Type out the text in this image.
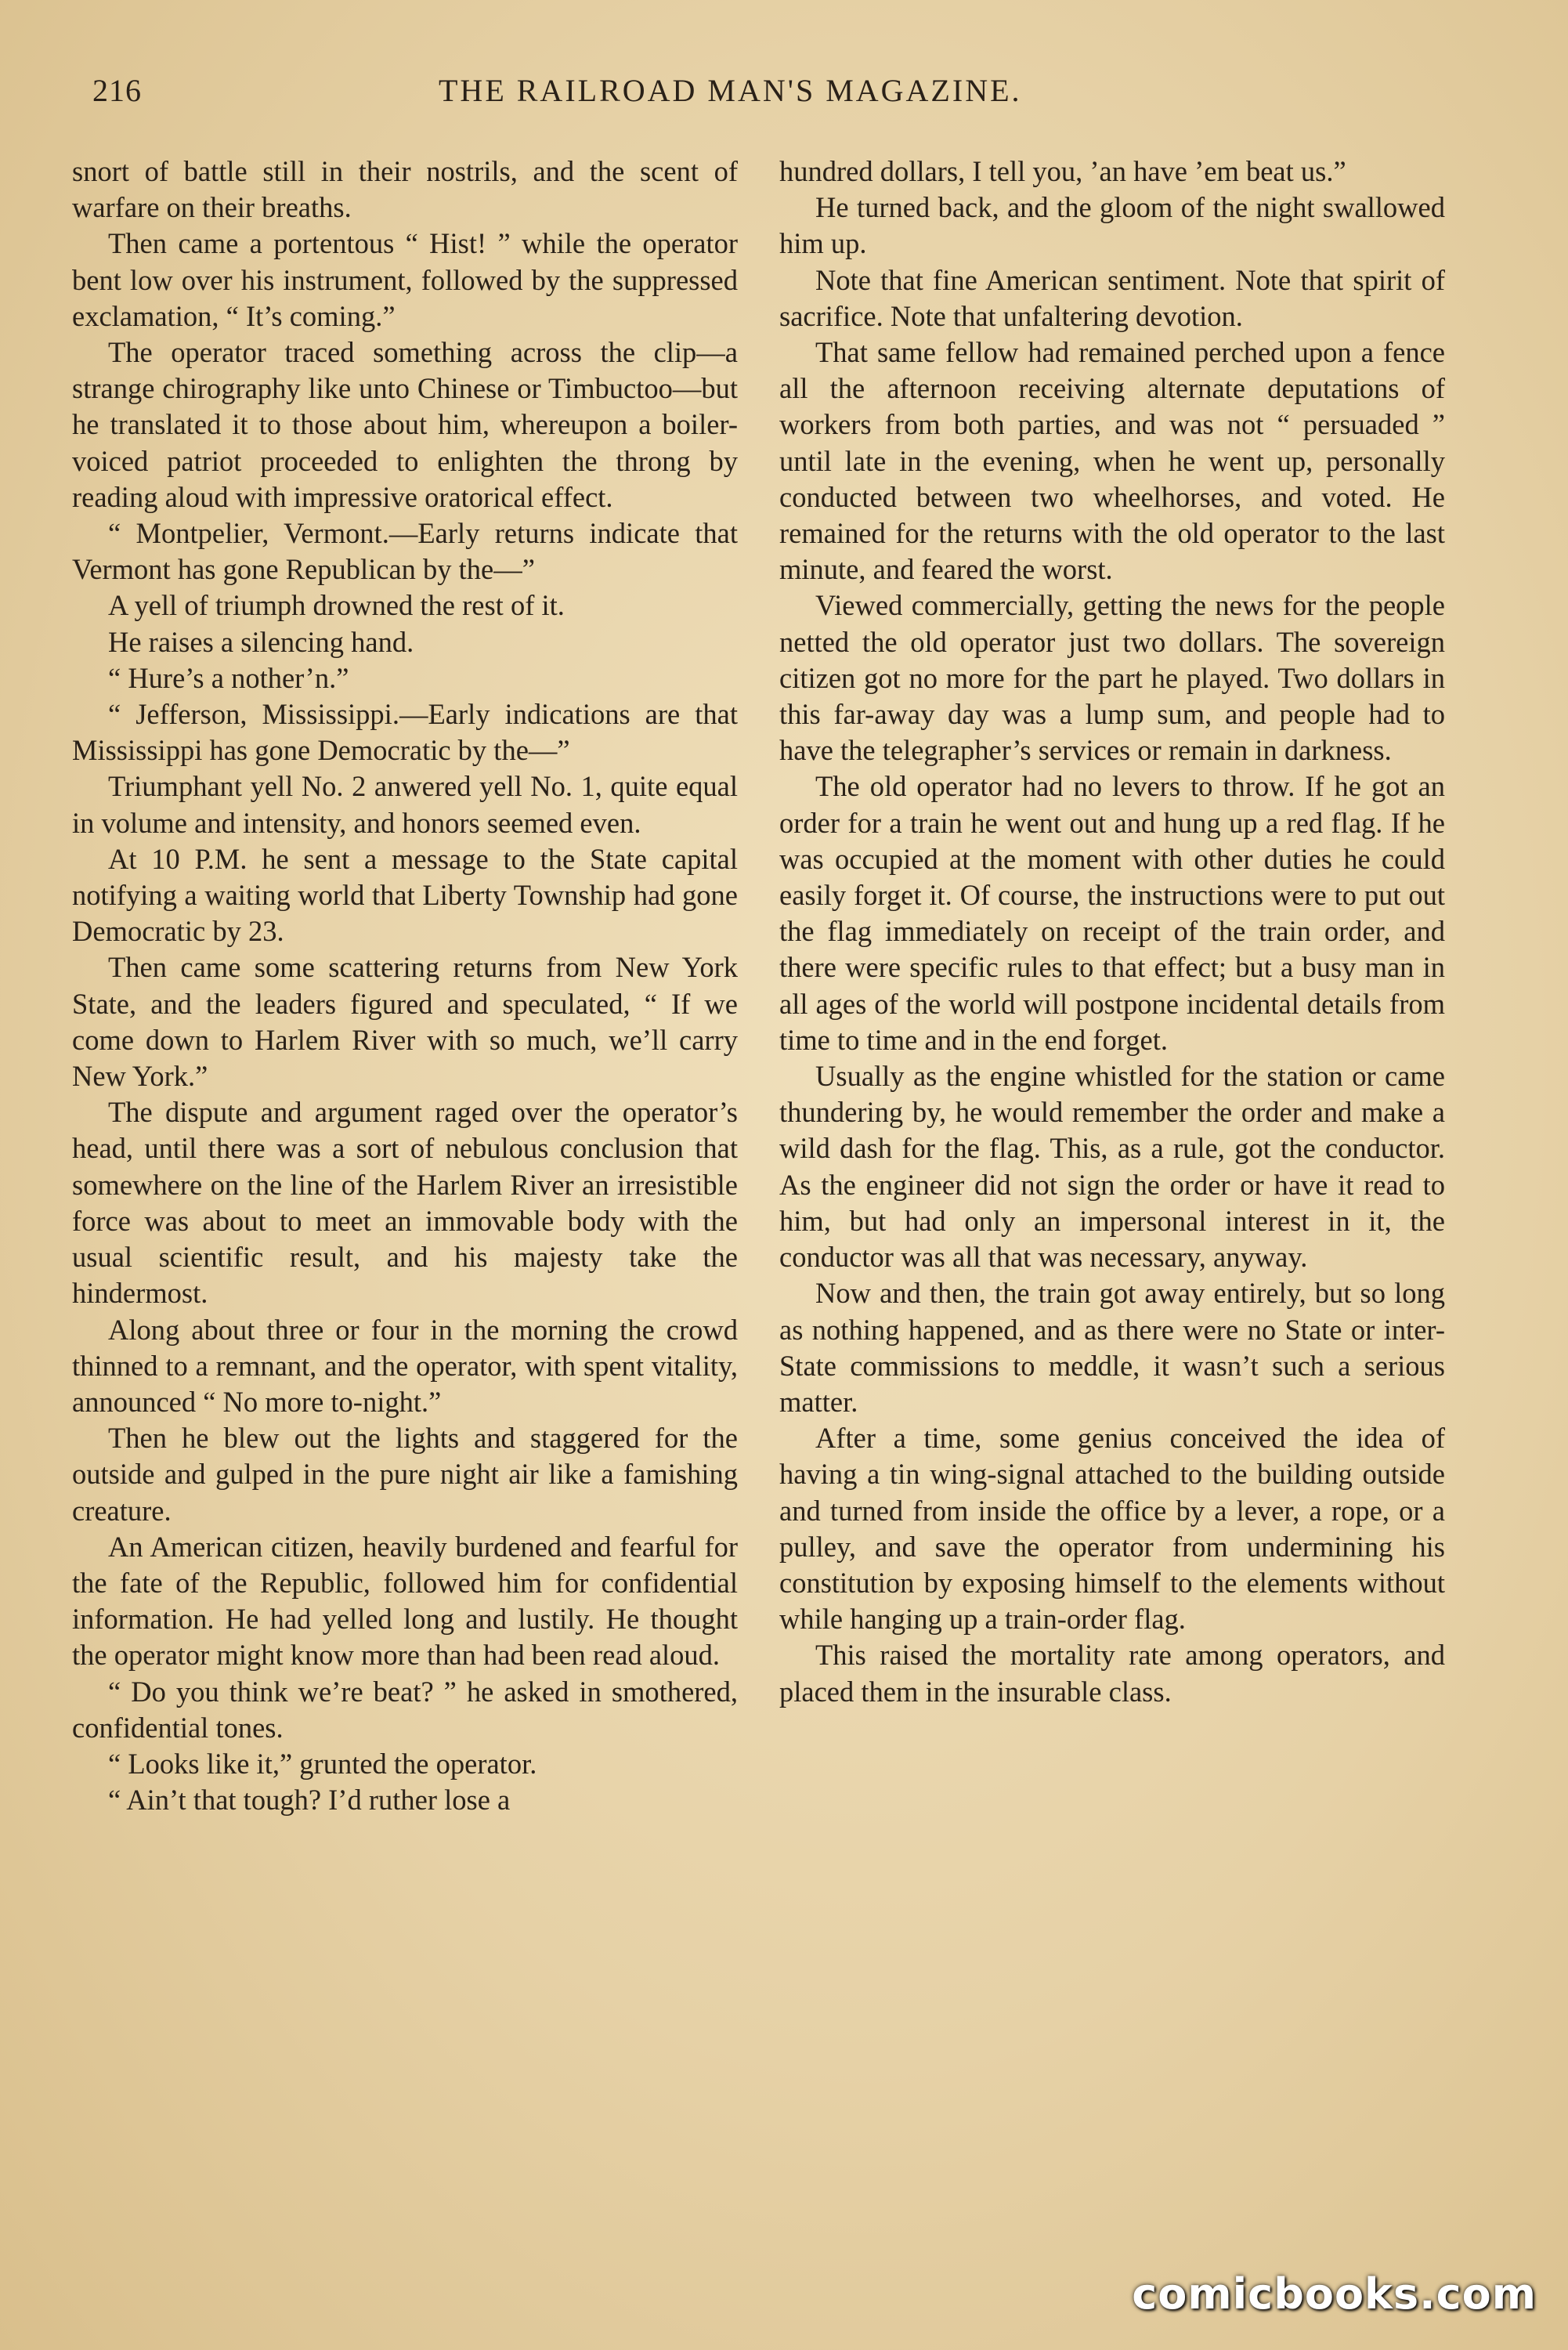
216	THE RAILROAD MAN'S MAGAZINE.

snort of battle still in their nostrils, and the scent of warfare on their breaths.

Then came a portentous “ Hist! ” while the operator bent low over his instrument, followed by the suppressed exclamation, “ It’s coming.”

The operator traced something across the clip—a strange chirography like unto Chinese or Timbuctoo—but he translated it to those about him, whereupon a boiler-voiced patriot proceeded to enlighten the throng by reading aloud with impressive oratorical effect.

“ Montpelier, Vermont.—Early returns indicate that Vermont has gone Republican by the—”

A yell of triumph drowned the rest of it.

He raises a silencing hand.

“ Hure’s a nother’n.”

“ Jefferson, Mississippi.—Early indications are that Mississippi has gone Democratic by the—”

Triumphant yell No. 2 anwered yell No. 1, quite equal in volume and intensity, and honors seemed even.

At 10 P.M. he sent a message to the State capital notifying a waiting world that Liberty Township had gone Democratic by 23.

Then came some scattering returns from New York State, and the leaders figured and speculated, “ If we come down to Harlem River with so much, we’ll carry New York.”

The dispute and argument raged over the operator’s head, until there was a sort of nebulous conclusion that somewhere on the line of the Harlem River an irresistible force was about to meet an immovable body with the usual scientific result, and his majesty take the hindermost.

Along about three or four in the morning the crowd thinned to a remnant, and the operator, with spent vitality, announced “ No more to-night.”

Then he blew out the lights and staggered for the outside and gulped in the pure night air like a famishing creature.

An American citizen, heavily burdened and fearful for the fate of the Republic, followed him for confidential information. He had yelled long and lustily. He thought the operator might know more than had been read aloud.

“ Do you think we’re beat? ” he asked in smothered, confidential tones.

“ Looks like it,” grunted the operator.

“ Ain’t that tough? I’d ruther lose a

hundred dollars, I tell you, ’an have ’em beat us.”

He turned back, and the gloom of the night swallowed him up.

Note that fine American sentiment. Note that spirit of sacrifice. Note that unfaltering devotion.

That same fellow had remained perched upon a fence all the afternoon receiving alternate deputations of workers from both parties, and was not “ persuaded ” until late in the evening, when he went up, personally conducted between two wheelhorses, and voted. He remained for the returns with the old operator to the last minute, and feared the worst.

Viewed commercially, getting the news for the people netted the old operator just two dollars. The sovereign citizen got no more for the part he played. Two dollars in this far-away day was a lump sum, and people had to have the telegrapher’s services or remain in darkness.

The old operator had no levers to throw. If he got an order for a train he went out and hung up a red flag. If he was occupied at the moment with other duties he could easily forget it. Of course, the instructions were to put out the flag immediately on receipt of the train order, and there were specific rules to that effect; but a busy man in all ages of the world will postpone incidental details from time to time and in the end forget.

Usually as the engine whistled for the station or came thundering by, he would remember the order and make a wild dash for the flag. This, as a rule, got the conductor. As the engineer did not sign the order or have it read to him, but had only an impersonal interest in it, the conductor was all that was necessary, anyway.

Now and then, the train got away entirely, but so long as nothing happened, and as there were no State or inter-State commissions to meddle, it wasn’t such a serious matter.

After a time, some genius conceived the idea of having a tin wing-signal attached to the building outside and turned from inside the office by a lever, a rope, or a pulley, and save the operator from undermining his constitution by exposing himself to the elements without while hanging up a train-order flag.

This raised the mortality rate among operators, and placed them in the insurable class.

comicbooks.com
